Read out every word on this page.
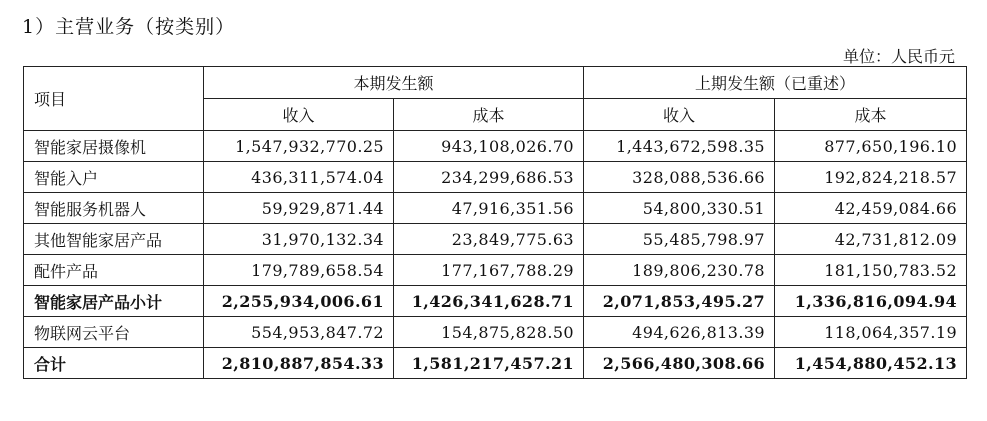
1）主营业务（按类别）
单位：人民币元
项目	本期发生额		上期发生额（已重述）	
	收入	成本	收入	成本
智能家居摄像机	1,547,932,770.25	943,108,026.70	1,443,672,598.35	877,650,196.10
智能入户	436,311,574.04	234,299,686.53	328,088,536.66	192,824,218.57
智能服务机器人	59,929,871.44	47,916,351.56	54,800,330.51	42,459,084.66
其他智能家居产品	31,970,132.34	23,849,775.63	55,485,798.97	42,731,812.09
配件产品	179,789,658.54	177,167,788.29	189,806,230.78	181,150,783.52
智能家居产品小计	2,255,934,006.61	1,426,341,628.71	2,071,853,495.27	1,336,816,094.94
物联网云平台	554,953,847.72	154,875,828.50	494,626,813.39	118,064,357.19
合计	2,810,887,854.33	1,581,217,457.21	2,566,480,308.66	1,454,880,452.13
